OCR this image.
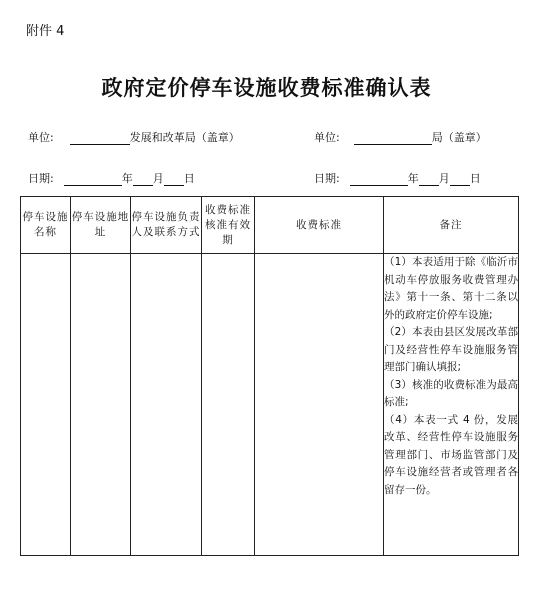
附件 4
政府定价停车设施收费标准确认表
单位:	发展和改革局（盖章）	单位:	局（盖章）
日期:	年 月 日	日期:	年 月 日
停车设施名称	停车设施地址	停车设施负责人及联系方式	收费标准核准有效期	收费标准	备注

					（1）本表适用于除《临沂市机动车停放服务收费管理办法》第十一条、第十二条以外的政府定价停车设施;

（2）本表由县区发展改革部门及经营性停车设施服务管理部门确认填报;

（3）核准的收费标准为最高标准;

（4）本表一式 4 份，发展改革、经营性停车设施服务管理部门、市场监管部门及停车设施经营者或管理者各留存一份。
